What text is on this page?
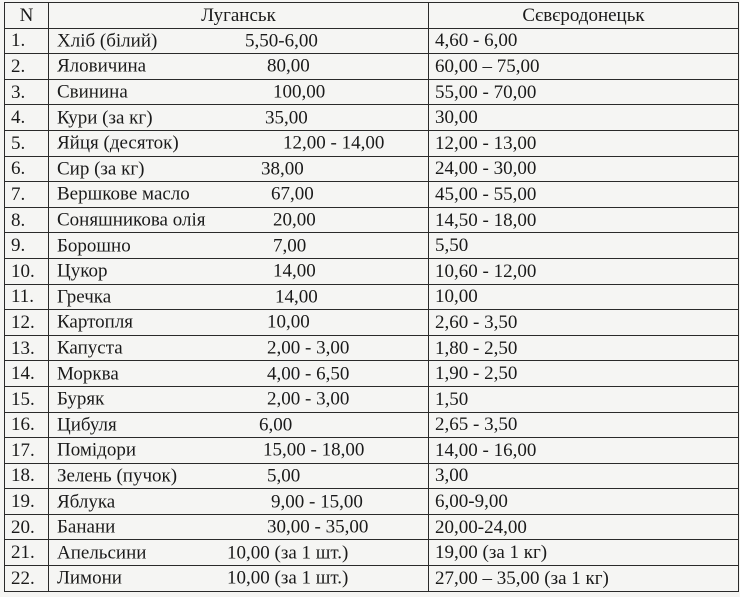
N	Луганськ	Сєвєродонецьк
1.	Хліб (білий) 5,50-6,00	4,60 - 6,00
2.	Яловичина 80,00	60,00 – 75,00
3.	Свинина 100,00	55,00 - 70,00
4.	Кури (за кг) 35,00	30,00
5.	Яйця (десяток) 12,00 - 14,00	12,00 - 13,00
6.	Сир (за кг) 38,00	24,00 - 30,00
7.	Вершкове масло 67,00	45,00 - 55,00
8.	Соняшникова олія 20,00	14,50 - 18,00
9.	Борошно 7,00	5,50
10.	Цукор 14,00	10,60 - 12,00
11.	Гречка 14,00	10,00
12.	Картопля 10,00	2,60 - 3,50
13.	Капуста 2,00 - 3,00	1,80 - 2,50
14.	Морква 4,00 - 6,50	1,90 - 2,50
15.	Буряк 2,00 - 3,00	1,50
16.	Цибуля 6,00	2,65 - 3,50
17.	Помідори 15,00 - 18,00	14,00 - 16,00
18.	Зелень (пучок) 5,00	3,00
19.	Яблука 9,00 - 15,00	6,00-9,00
20.	Банани 30,00 - 35,00	20,00-24,00
21.	Апельсини 10,00 (за 1 шт.)	19,00 (за 1 кг)
22.	Лимони 10,00 (за 1 шт.)	27,00 – 35,00 (за 1 кг)
